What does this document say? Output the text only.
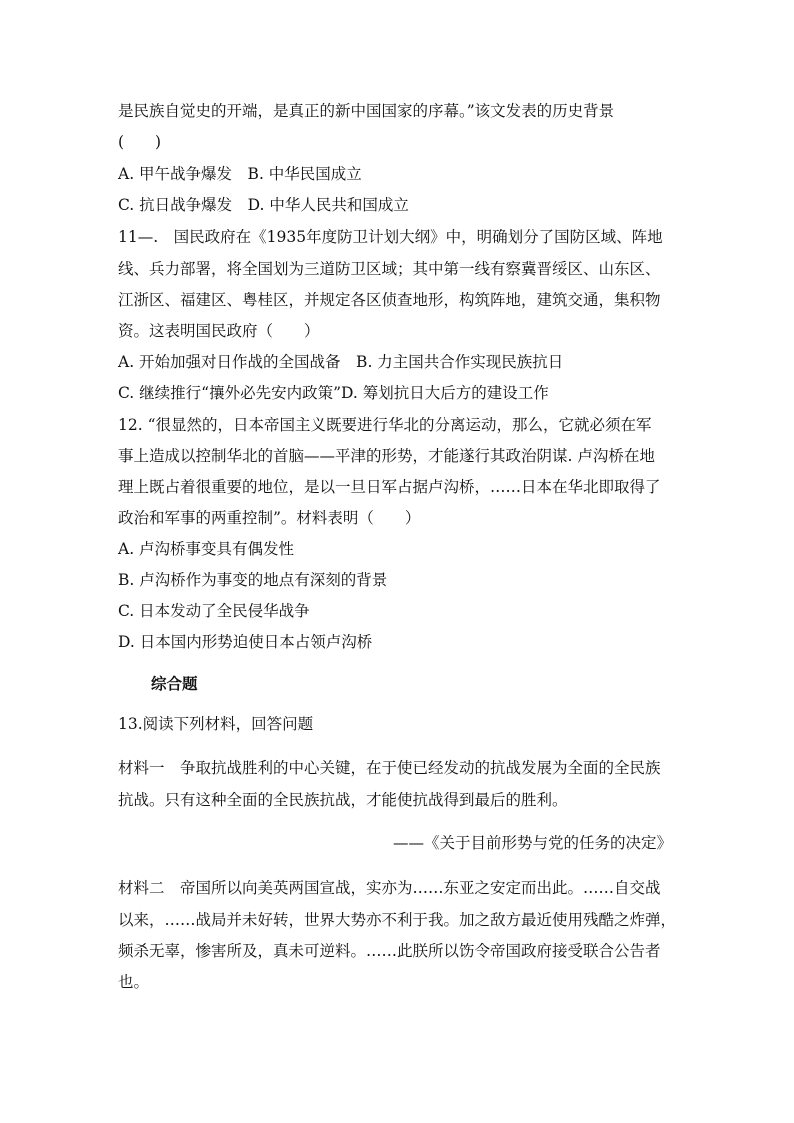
是民族自觉史的开端，是真正的新中国国家的序幕。”该文发表的历史背景
(　　)
A. 甲午战争爆发　B. 中华民国成立
C. 抗日战争爆发　D. 中华人民共和国成立
11—.　国民政府在《1935年度防卫计划大纲》中，明确划分了国防区域、阵地
线、兵力部署，将全国划为三道防卫区域；其中第一线有察冀晋绥区、山东区、
江浙区、福建区、粤桂区，并规定各区侦查地形，构筑阵地，建筑交通，集积物
资。这表明国民政府（　　）
A. 开始加强对日作战的全国战备　B. 力主国共合作实现民族抗日
C. 继续推行“攘外必先安内政策”D. 筹划抗日大后方的建设工作
12. “很显然的，日本帝国主义既要进行华北的分离运动，那么，它就必须在军
事上造成以控制华北的首脑——平津的形势，才能遂行其政治阴谋. 卢沟桥在地
理上既占着很重要的地位，是以一旦日军占据卢沟桥，……日本在华北即取得了
政治和军事的两重控制”。材料表明（　　）
A. 卢沟桥事变具有偶发性
B. 卢沟桥作为事变的地点有深刻的背景
C. 日本发动了全民侵华战争
D. 日本国内形势迫使日本占领卢沟桥
综合题
13.阅读下列材料，回答问题
材料一　争取抗战胜利的中心关键，在于使已经发动的抗战发展为全面的全民族
抗战。只有这种全面的全民族抗战，才能使抗战得到最后的胜利。
——《关于目前形势与党的任务的决定》
材料二　帝国所以向美英两国宣战，实亦为……东亚之安定而出此。……自交战
以来，……战局并未好转，世界大势亦不利于我。加之敌方最近使用残酷之炸弹，
频杀无辜，惨害所及，真未可逆料。……此朕所以饬令帝国政府接受联合公告者
也。
